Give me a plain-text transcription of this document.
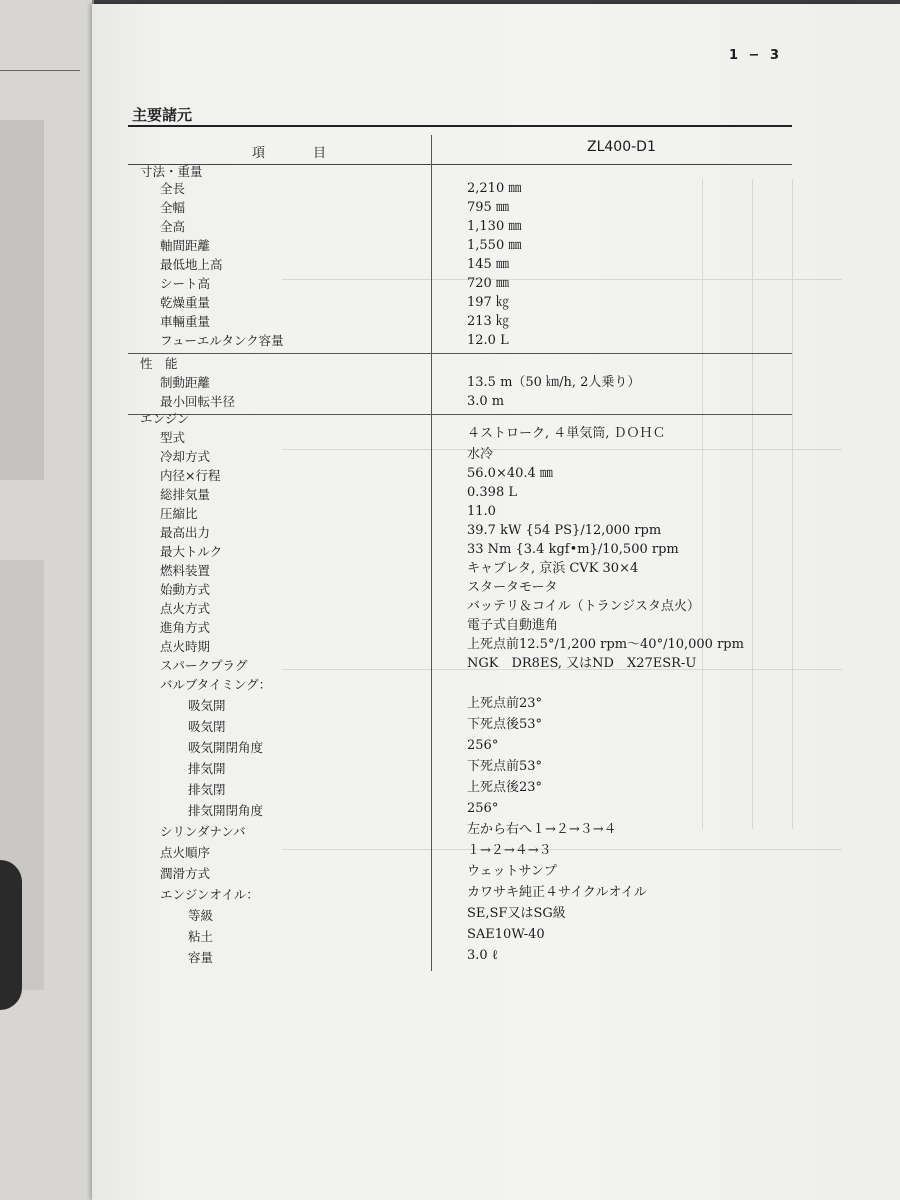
1 − 3
主要諸元
項目	ZL400-D1
寸法・重量
全長	2,210 ㎜
全幅	795 ㎜
全高	1,130 ㎜
軸間距離	1,550 ㎜
最低地上高	145 ㎜
シート高	720 ㎜
乾燥重量	197 ㎏
車輛重量	213 ㎏
フューエルタンク容量	12.0 L
性　能
制動距離	13.5 m（50 ㎞/h, 2人乗り）
最小回転半径	3.0 m
エンジン
型式	４ストローク, ４単気筒, ＤＯＨＣ
冷却方式	水冷
内径×行程	56.0×40.4 ㎜
総排気量	0.398 L
圧縮比	11.0
最高出力	39.7 kW {54 PS}/12,000 rpm
最大トルク	33 Nm {3.4 kgf•m}/10,500 rpm
燃料装置	キャブレタ, 京浜 CVK 30×4
始動方式	スタータモータ
点火方式	バッテリ＆コイル（トランジスタ点火）
進角方式	電子式自動進角
点火時期	上死点前12.5°/1,200 rpm〜40°/10,000 rpm
スパークプラグ	NGK　DR8ES, 又はND　X27ESR-U
バルブタイミング：
吸気開	上死点前23°
吸気閉	下死点後53°
吸気開閉角度	256°
排気開	下死点前53°
排気閉	上死点後23°
排気開閉角度	256°
シリンダナンバ	左から右へ１→２→３→４
点火順序	１→２→４→３
潤滑方式	ウェットサンプ
エンジンオイル：	カワサキ純正４サイクルオイル
等級	SE,SF又はSG級
粘土	SAE10W-40
容量	3.0 ℓ
